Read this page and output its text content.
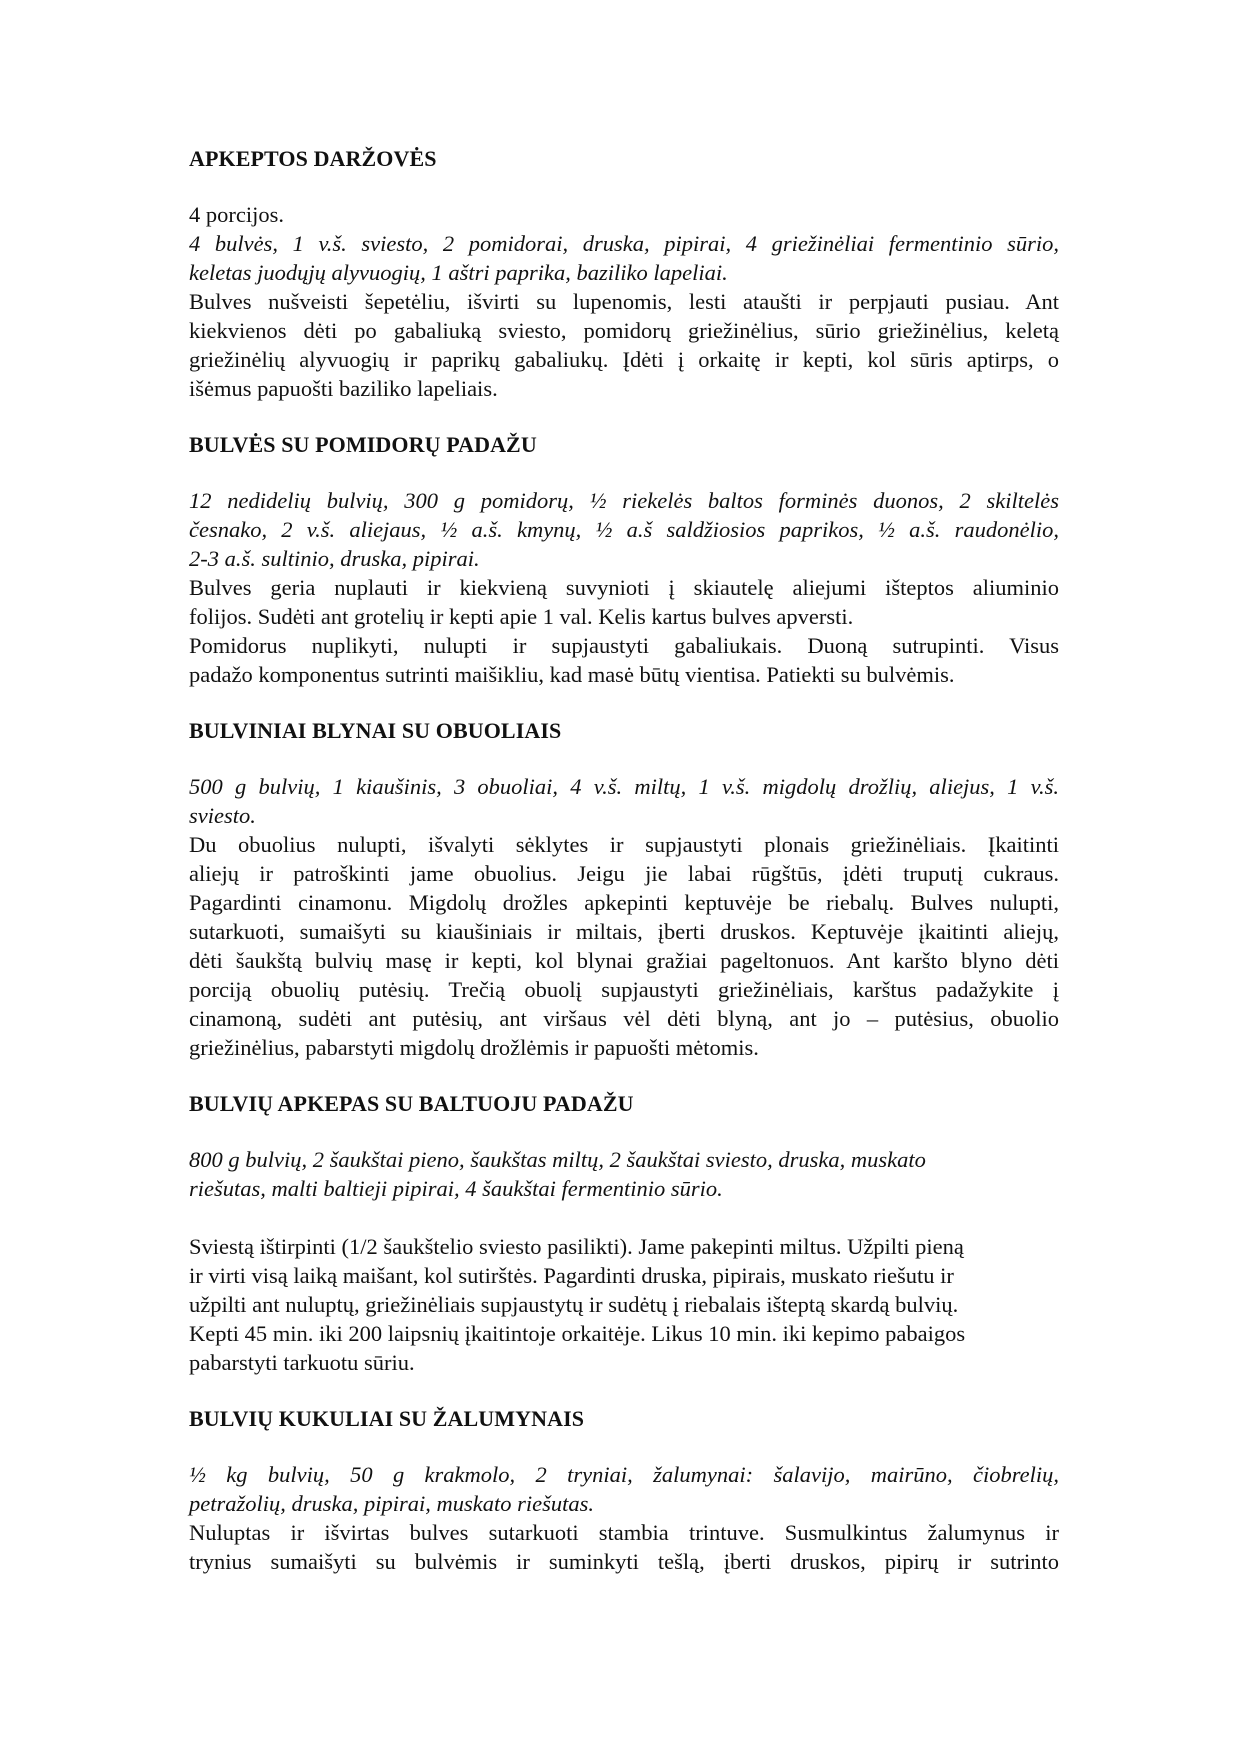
APKEPTOS DARŽOVĖS
4 porcijos.
4 bulvės, 1 v.š. sviesto, 2 pomidorai, druska, pipirai, 4 griežinėliai fermentinio sūrio,
keletas juodųjų alyvuogių, 1 aštri paprika, baziliko lapeliai.
Bulves nušveisti šepetėliu, išvirti su lupenomis, lesti ataušti ir perpjauti pusiau. Ant
kiekvienos dėti po gabaliuką sviesto, pomidorų griežinėlius, sūrio griežinėlius, keletą
griežinėlių alyvuogių ir paprikų gabaliukų. Įdėti į orkaitę ir kepti, kol sūris aptirps, o
išėmus papuošti baziliko lapeliais.
BULVĖS SU POMIDORŲ PADAŽU
12 nedidelių bulvių, 300 g pomidorų, ½ riekelės baltos forminės duonos, 2 skiltelės
česnako, 2 v.š. aliejaus, ½ a.š. kmynų, ½ a.š saldžiosios paprikos, ½ a.š. raudonėlio,
2-3 a.š. sultinio, druska, pipirai.
Bulves geria nuplauti ir kiekvieną suvynioti į skiautelę aliejumi išteptos aliuminio
folijos. Sudėti ant grotelių ir kepti apie 1 val. Kelis kartus bulves apversti.
Pomidorus nuplikyti, nulupti ir supjaustyti gabaliukais. Duoną sutrupinti. Visus
padažo komponentus sutrinti maišikliu, kad masė būtų vientisa. Patiekti su bulvėmis.
BULVINIAI BLYNAI SU OBUOLIAIS
500 g bulvių, 1 kiaušinis, 3 obuoliai, 4 v.š. miltų, 1 v.š. migdolų drožlių, aliejus, 1 v.š.
sviesto.
Du obuolius nulupti, išvalyti sėklytes ir supjaustyti plonais griežinėliais. Įkaitinti
aliejų ir patroškinti jame obuolius. Jeigu jie labai rūgštūs, įdėti truputį cukraus.
Pagardinti cinamonu. Migdolų drožles apkepinti keptuvėje be riebalų. Bulves nulupti,
sutarkuoti, sumaišyti su kiaušiniais ir miltais, įberti druskos. Keptuvėje įkaitinti aliejų,
dėti šaukštą bulvių masę ir kepti, kol blynai gražiai pageltonuos. Ant karšto blyno dėti
porciją obuolių putėsių. Trečią obuolį supjaustyti griežinėliais, karštus padažykite į
cinamoną, sudėti ant putėsių, ant viršaus vėl dėti blyną, ant jo – putėsius, obuolio
griežinėlius, pabarstyti migdolų drožlėmis ir papuošti mėtomis.
BULVIŲ APKEPAS SU BALTUOJU PADAŽU
800 g bulvių, 2 šaukštai pieno, šaukštas miltų, 2 šaukštai sviesto, druska, muskato
riešutas, malti baltieji pipirai, 4 šaukštai fermentinio sūrio.
Sviestą ištirpinti (1/2 šaukštelio sviesto pasilikti). Jame pakepinti miltus. Užpilti pieną
ir virti visą laiką maišant, kol sutirštės. Pagardinti druska, pipirais, muskato riešutu ir
užpilti ant nuluptų, griežinėliais supjaustytų ir sudėtų į riebalais išteptą skardą bulvių.
Kepti 45 min. iki 200 laipsnių įkaitintoje orkaitėje. Likus 10 min. iki kepimo pabaigos
pabarstyti tarkuotu sūriu.
BULVIŲ KUKULIAI SU ŽALUMYNAIS
½ kg bulvių, 50 g krakmolo, 2 tryniai, žalumynai: šalavijo, mairūno, čiobrelių,
petražolių, druska, pipirai, muskato riešutas.
Nuluptas ir išvirtas bulves sutarkuoti stambia trintuve. Susmulkintus žalumynus ir
trynius sumaišyti su bulvėmis ir suminkyti tešlą, įberti druskos, pipirų ir sutrinto
